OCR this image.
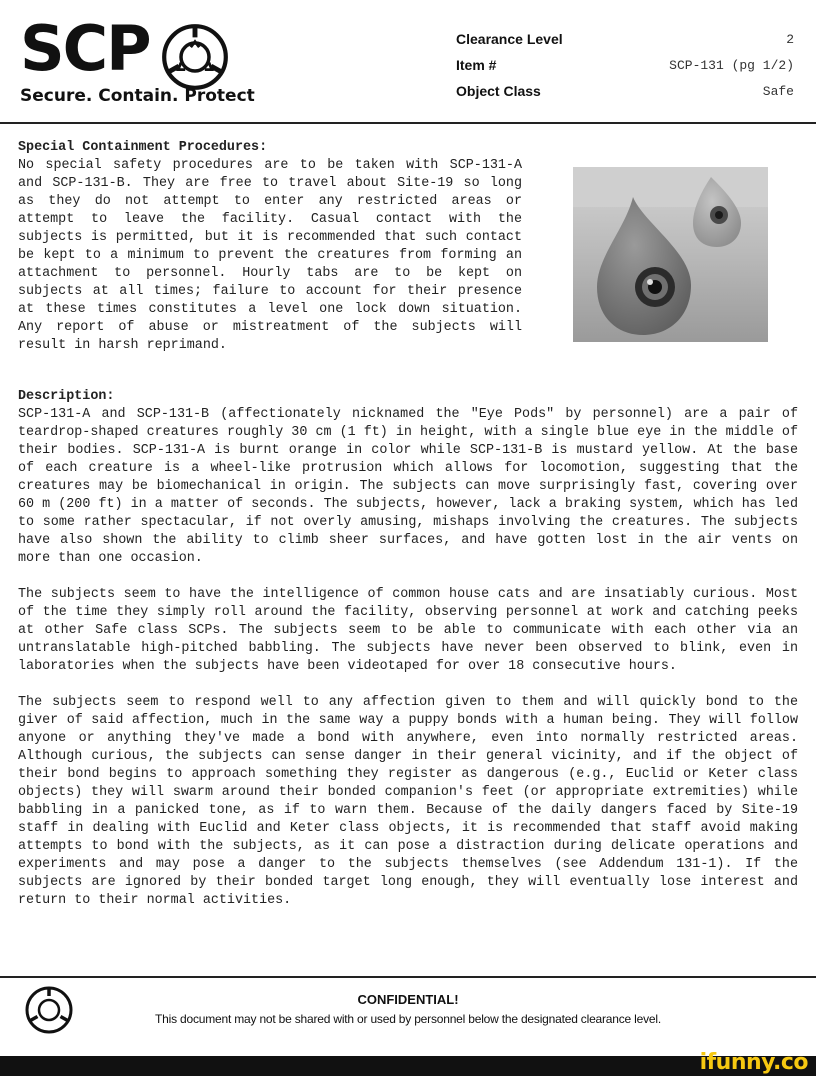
SCP
Secure. Contain. Protect
Clearance Level	2
Item #	SCP-131 (pg 1/2)
Object Class	Safe
Special Containment Procedures:
No special safety procedures are to be taken with SCP-131-A and SCP-131-B. They are free to travel about Site-19 so long as they do not attempt to enter any restricted areas or attempt to leave the facility. Casual contact with the subjects is permitted, but it is recommended that such contact be kept to a minimum to prevent the creatures from forming an attachment to personnel. Hourly tabs are to be kept on subjects at all times; failure to account for their presence at these times constitutes a level one lock down situation. Any report of abuse or mistreatment of the subjects will result in harsh reprimand.
Description:
SCP-131-A and SCP-131-B (affectionately nicknamed the "Eye Pods" by personnel) are a pair of teardrop-shaped creatures roughly 30 cm (1 ft) in height, with a single blue eye in the middle of their bodies. SCP-131-A is burnt orange in color while SCP-131-B is mustard yellow. At the base of each creature is a wheel-like protrusion which allows for locomotion, suggesting that the creatures may be biomechanical in origin. The subjects can move surprisingly fast, covering over 60 m (200 ft) in a matter of seconds. The subjects, however, lack a braking system, which has led to some rather spectacular, if not overly amusing, mishaps involving the creatures. The subjects have also shown the ability to climb sheer surfaces, and have gotten lost in the air vents on more than one occasion.
The subjects seem to have the intelligence of common house cats and are insatiably curious. Most of the time they simply roll around the facility, observing personnel at work and catching peeks at other Safe class SCPs. The subjects seem to be able to communicate with each other via an untranslatable high-pitched babbling. The subjects have never been observed to blink, even in laboratories when the subjects have been videotaped for over 18 consecutive hours.
The subjects seem to respond well to any affection given to them and will quickly bond to the giver of said affection, much in the same way a puppy bonds with a human being. They will follow anyone or anything they've made a bond with anywhere, even into normally restricted areas. Although curious, the subjects can sense danger in their general vicinity, and if the object of their bond begins to approach something they register as dangerous (e.g., Euclid or Keter class objects) they will swarm around their bonded companion's feet (or appropriate extremities) while babbling in a panicked tone, as if to warn them. Because of the daily dangers faced by Site-19 staff in dealing with Euclid and Keter class objects, it is recommended that staff avoid making attempts to bond with the subjects, as it can pose a distraction during delicate operations and experiments and may pose a danger to the subjects themselves (see Addendum 131-1). If the subjects are ignored by their bonded target long enough, they will eventually lose interest and return to their normal activities.
CONFIDENTIAL!
This document may not be shared with or used by personnel below the designated clearance level.
ifunny.co
